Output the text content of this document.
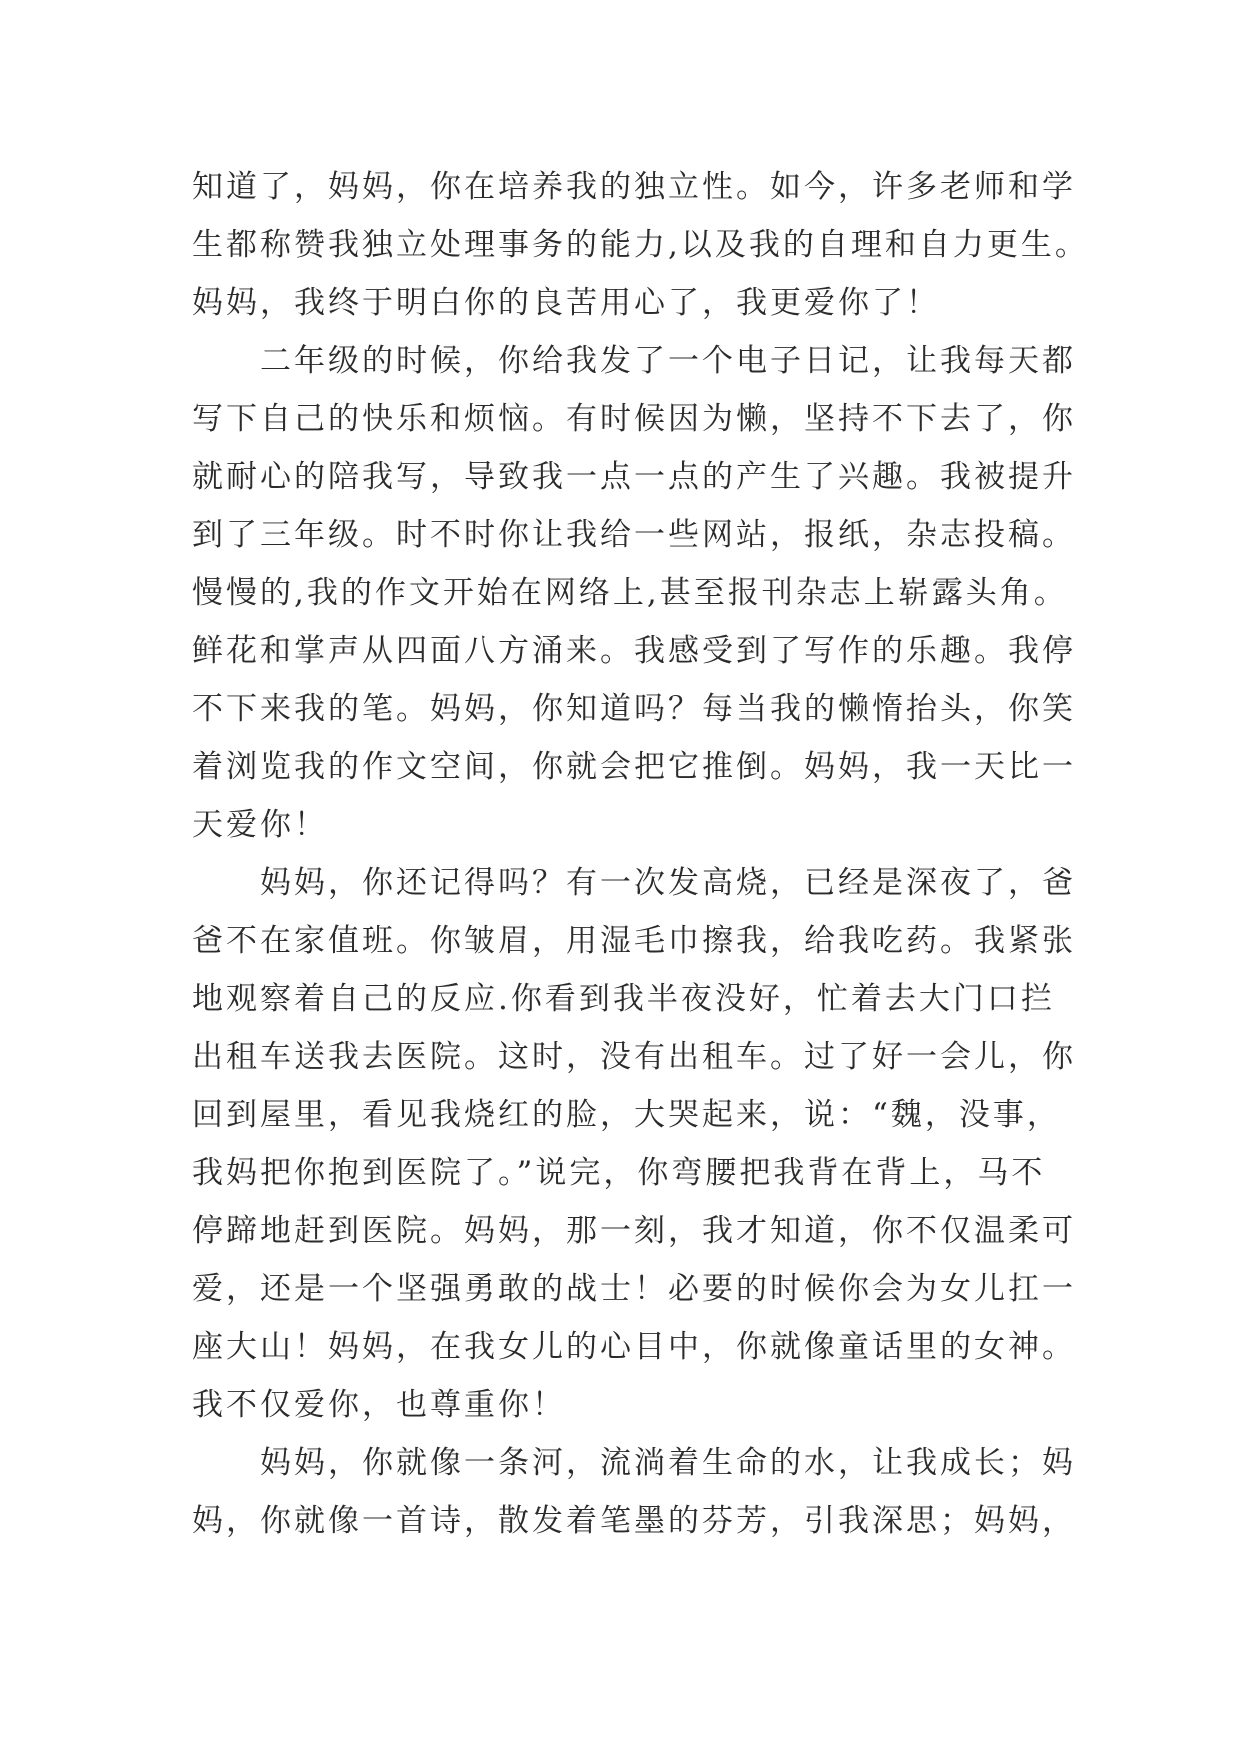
知道了，妈妈，你在培养我的独立性。如今，许多老师和学
生都称赞我独立处理事务的能力,以及我的自理和自力更生。
妈妈，我终于明白你的良苦用心了，我更爱你了！
二年级的时候，你给我发了一个电子日记，让我每天都
写下自己的快乐和烦恼。有时候因为懒，坚持不下去了，你
就耐心的陪我写，导致我一点一点的产生了兴趣。我被提升
到了三年级。时不时你让我给一些网站，报纸，杂志投稿。
慢慢的,我的作文开始在网络上,甚至报刊杂志上崭露头角。
鲜花和掌声从四面八方涌来。我感受到了写作的乐趣。我停
不下来我的笔。妈妈，你知道吗？每当我的懒惰抬头，你笑
着浏览我的作文空间，你就会把它推倒。妈妈，我一天比一
天爱你！
妈妈，你还记得吗？有一次发高烧，已经是深夜了，爸
爸不在家值班。你皱眉，用湿毛巾擦我，给我吃药。我紧张
地观察着自己的反应.你看到我半夜没好，忙着去大门口拦
出租车送我去医院。这时，没有出租车。过了好一会儿，你
回到屋里，看见我烧红的脸，大哭起来，说：“魏，没事，
我妈把你抱到医院了。”说完，你弯腰把我背在背上，马不
停蹄地赶到医院。妈妈，那一刻，我才知道，你不仅温柔可
爱，还是一个坚强勇敢的战士！必要的时候你会为女儿扛一
座大山！妈妈，在我女儿的心目中，你就像童话里的女神。
我不仅爱你，也尊重你！
妈妈，你就像一条河，流淌着生命的水，让我成长；妈
妈，你就像一首诗，散发着笔墨的芬芳，引我深思；妈妈，
